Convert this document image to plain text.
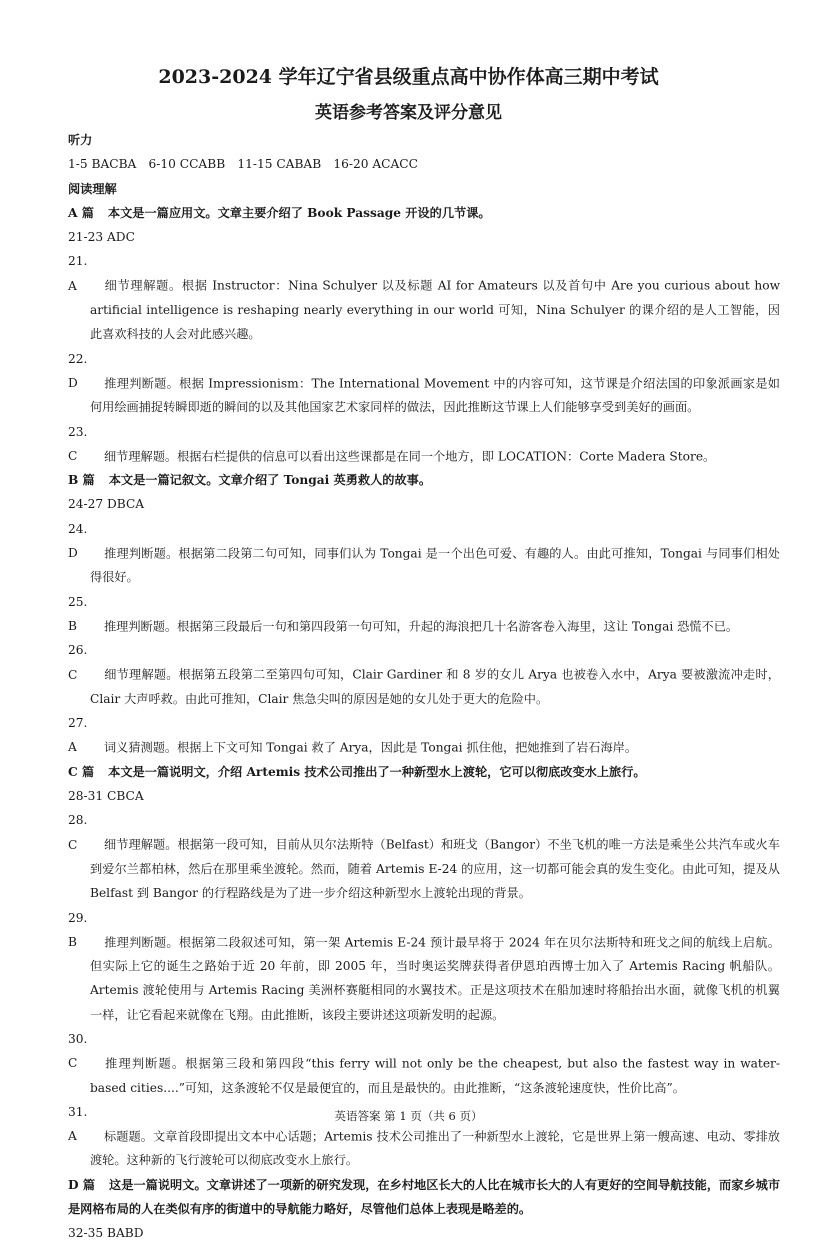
2023-2024 学年辽宁省县级重点高中协作体高三期中考试
英语参考答案及评分意见
听力
1-5 BACBA　6-10 CCABB　11-15 CABAB　16-20 ACACC
阅读理解
A 篇 本文是一篇应用文。文章主要介绍了 Book Passage 开设的几节课。
21-23 ADC
21. A 细节理解题。根据 Instructor：Nina Schulyer 以及标题 AI for Amateurs 以及首句中 Are you curious about how artificial intelligence is reshaping nearly everything in our world 可知，Nina Schulyer 的课介绍的是人工智能，因此喜欢科技的人会对此感兴趣。
22. D 推理判断题。根据 Impressionism：The International Movement 中的内容可知，这节课是介绍法国的印象派画家是如何用绘画捕捉转瞬即逝的瞬间的以及其他国家艺术家同样的做法，因此推断这节课上人们能够享受到美好的画面。
23. C 细节理解题。根据右栏提供的信息可以看出这些课都是在同一个地方，即 LOCATION：Corte Madera Store。
B 篇 本文是一篇记叙文。文章介绍了 Tongai 英勇救人的故事。
24-27 DBCA
24. D 推理判断题。根据第二段第二句可知，同事们认为 Tongai 是一个出色可爱、有趣的人。由此可推知，Tongai 与同事们相处得很好。
25. B 推理判断题。根据第三段最后一句和第四段第一句可知，升起的海浪把几十名游客卷入海里，这让 Tongai 恐慌不已。
26. C 细节理解题。根据第五段第二至第四句可知，Clair Gardiner 和 8 岁的女儿 Arya 也被卷入水中，Arya 要被激流冲走时，Clair 大声呼救。由此可推知，Clair 焦急尖叫的原因是她的女儿处于更大的危险中。
27. A 词义猜测题。根据上下文可知 Tongai 救了 Arya，因此是 Tongai 抓住他，把她推到了岩石海岸。
C 篇 本文是一篇说明文，介绍 Artemis 技术公司推出了一种新型水上渡轮，它可以彻底改变水上旅行。
28-31 CBCA
28. C 细节理解题。根据第一段可知，目前从贝尔法斯特（Belfast）和班戈（Bangor）不坐飞机的唯一方法是乘坐公共汽车或火车到爱尔兰都柏林，然后在那里乘坐渡轮。然而，随着 Artemis E-24 的应用，这一切都可能会真的发生变化。由此可知，提及从 Belfast 到 Bangor 的行程路线是为了进一步介绍这种新型水上渡轮出现的背景。
29. B 推理判断题。根据第二段叙述可知，第一架 Artemis E-24 预计最早将于 2024 年在贝尔法斯特和班戈之间的航线上启航。但实际上它的诞生之路始于近 20 年前，即 2005 年，当时奥运奖牌获得者伊恩珀西博士加入了 Artemis Racing 帆船队。Artemis 渡轮使用与 Artemis Racing 美洲杯赛艇相同的水翼技术。正是这项技术在船加速时将船抬出水面，就像飞机的机翼一样，让它看起来就像在飞翔。由此推断，该段主要讲述这项新发明的起源。
30. C 推理判断题。根据第三段和第四段“this ferry will not only be the cheapest, but also the fastest way in water-based cities....”可知，这条渡轮不仅是最便宜的，而且是最快的。由此推断，“这条渡轮速度快，性价比高”。
31. A 标题题。文章首段即提出文本中心话题；Artemis 技术公司推出了一种新型水上渡轮，它是世界上第一艘高速、电动、零排放渡轮。这种新的飞行渡轮可以彻底改变水上旅行。
D 篇 这是一篇说明文。文章讲述了一项新的研究发现，在乡村地区长大的人比在城市长大的人有更好的空间导航技能，而家乡城市是网格布局的人在类似有序的街道中的导航能力略好，尽管他们总体上表现是略差的。
32-35 BABD
英语答案 第 1 页（共 6 页）
